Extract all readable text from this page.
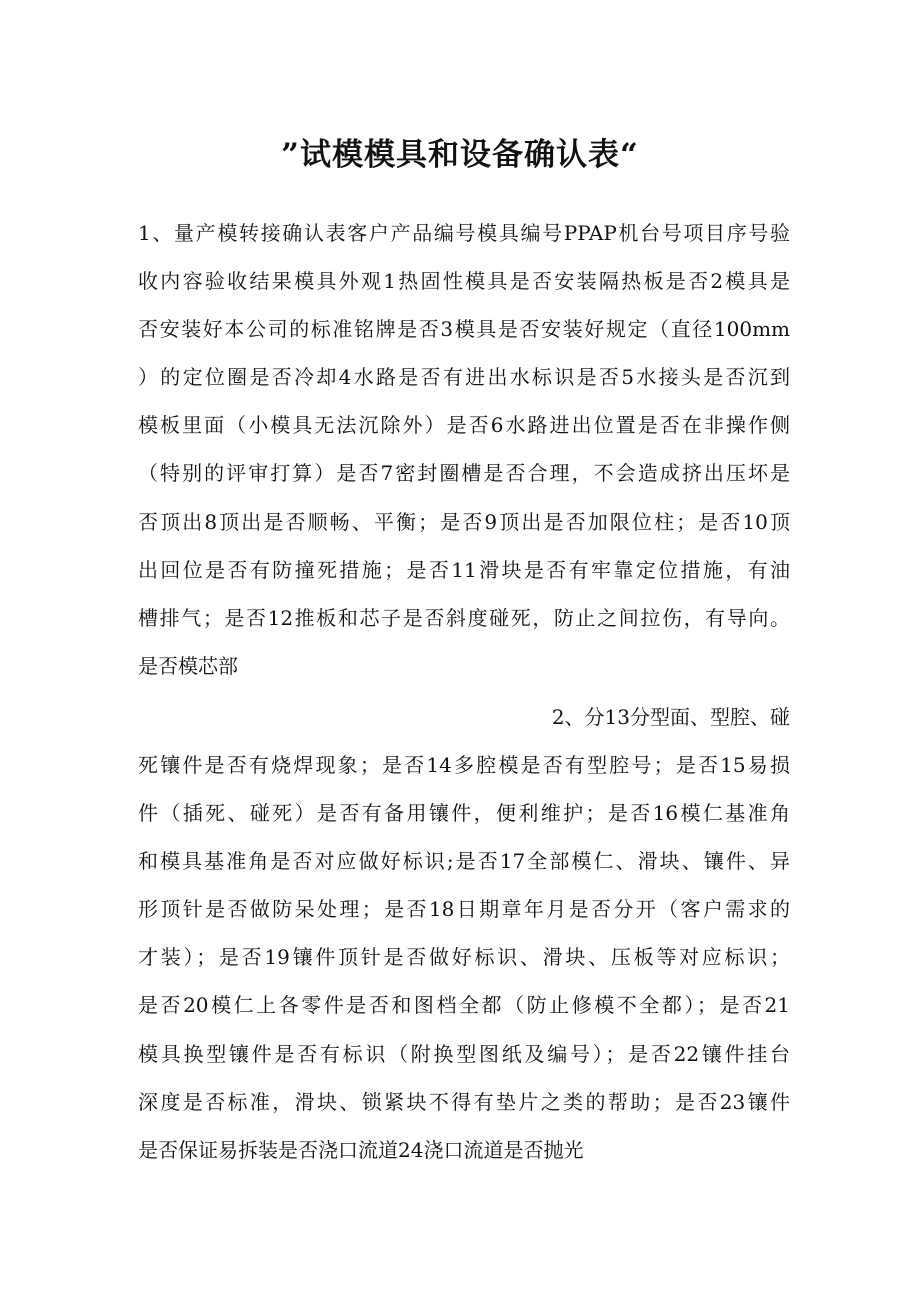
”试模模具和设备确认表“

1、量产模转接确认表客户产品编号模具编号PPAP机台号项目序号验

收内容验收结果模具外观1热固性模具是否安装隔热板是否2模具是

否安装好本公司的标准铭牌是否3模具是否安装好规定（直径100mm

）的定位圈是否冷却4水路是否有进出水标识是否5水接头是否沉到

模板里面（小模具无法沉除外）是否6水路进出位置是否在非操作侧

（特别的评审打算）是否7密封圈槽是否合理，不会造成挤出压坏是

否顶出8顶出是否顺畅、平衡；是否9顶出是否加限位柱；是否10顶

出回位是否有防撞死措施；是否11滑块是否有牢靠定位措施，有油

槽排气；是否12推板和芯子是否斜度碰死，防止之间拉伤，有导向。

是否模芯部

2、分13分型面、型腔、碰

死镶件是否有烧焊现象；是否14多腔模是否有型腔号；是否15易损

件（插死、碰死）是否有备用镶件，便利维护；是否16模仁基准角

和模具基准角是否对应做好标识;是否17全部模仁、滑块、镶件、异

形顶针是否做防呆处理；是否18日期章年月是否分开（客户需求的

才装）；是否19镶件顶针是否做好标识、滑块、压板等对应标识；

是否20模仁上各零件是否和图档全都（防止修模不全都）；是否21

模具换型镶件是否有标识（附换型图纸及编号）；是否22镶件挂台

深度是否标准，滑块、锁紧块不得有垫片之类的帮助；是否23镶件

是否保证易拆装是否浇口流道24浇口流道是否抛光
